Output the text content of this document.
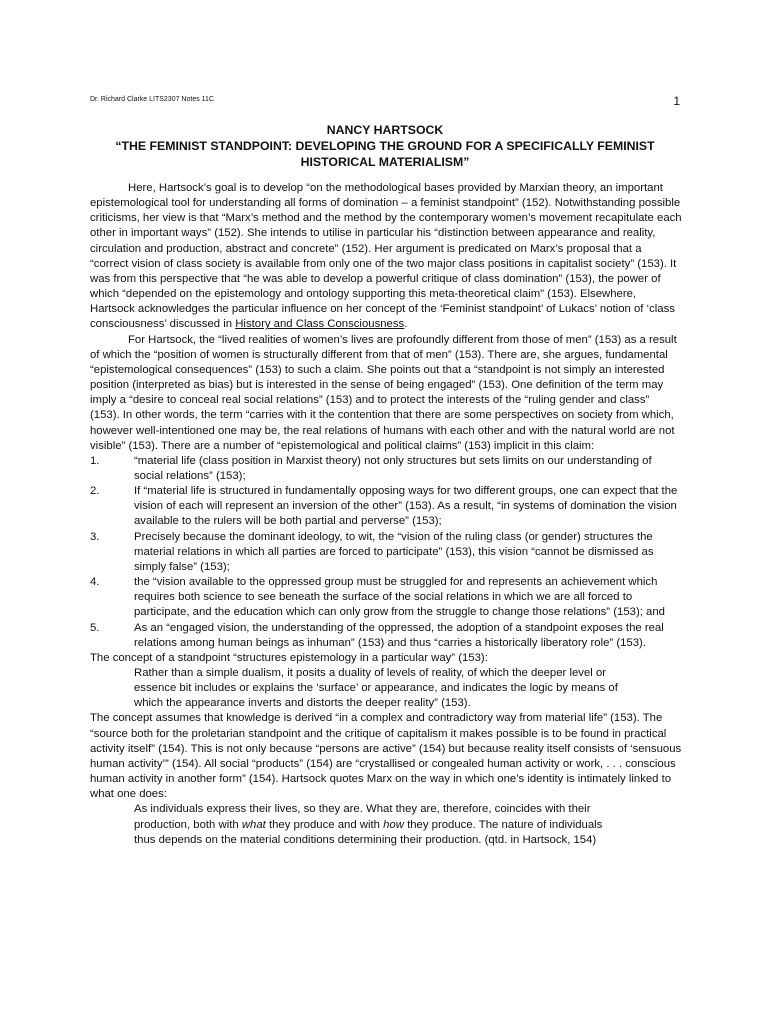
Dr. Richard Clarke LITS2307 Notes 11C	1
NANCY HARTSOCK
“THE FEMINIST STANDPOINT: DEVELOPING THE GROUND FOR A SPECIFICALLY FEMINIST
HISTORICAL MATERIALISM”

Here, Hartsock’s goal is to develop “on the methodological bases provided by Marxian theory, an important epistemological tool for understanding all forms of domination – a feminist standpoint” (152). Notwithstanding possible criticisms, her view is that “Marx’s method and the method by the contemporary women’s movement recapitulate each other in important ways” (152). She intends to utilise in particular his “distinction between appearance and reality, circulation and production, abstract and concrete” (152). Her argument is predicated on Marx’s proposal that a “correct vision of class society is available from only one of the two major class positions in capitalist society” (153). It was from this perspective that “he was able to develop a powerful critique of class domination” (153), the power of which “depended on the epistemology and ontology supporting this meta-theoretical claim” (153). Elsewhere, Hartsock acknowledges the particular influence on her concept of the ‘Feminist standpoint’ of Lukacs’ notion of ‘class consciousness’ discussed in History and Class Consciousness.

For Hartsock, the “lived realities of women’s lives are profoundly different from those of men” (153) as a result of which the “position of women is structurally different from that of men” (153). There are, she argues, fundamental “epistemological consequences” (153) to such a claim. She points out that a “standpoint is not simply an interested position (interpreted as bias) but is interested in the sense of being engaged” (153). One definition of the term may imply a “desire to conceal real social relations” (153) and to protect the interests of the “ruling gender and class” (153). In other words, the term “carries with it the contention that there are some perspectives on society from which, however well-intentioned one may be, the real relations of humans with each other and with the natural world are not visible” (153). There are a number of “epistemological and political claims” (153) implicit in this claim:

1.	“material life (class position in Marxist theory) not only structures but sets limits on our understanding of social relations” (153);
2.	If “material life is structured in fundamentally opposing ways for two different groups, one can expect that the vision of each will represent an inversion of the other” (153). As a result, “in systems of domination the vision available to the rulers will be both partial and perverse” (153);
3.	Precisely because the dominant ideology, to wit, the “vision of the ruling class (or gender) structures the material relations in which all parties are forced to participate” (153), this vision “cannot be dismissed as simply false” (153);
4.	the “vision available to the oppressed group must be struggled for and represents an achievement which requires both science to see beneath the surface of the social relations in which we are all forced to participate, and the education which can only grow from the struggle to change those relations” (153); and
5.	As an “engaged vision, the understanding of the oppressed, the adoption of a standpoint exposes the real relations among human beings as inhuman” (153) and thus “carries a historically liberatory role” (153).

The concept of a standpoint “structures epistemology in a particular way” (153):

Rather than a simple dualism, it posits a duality of levels of reality, of which the deeper level or essence bit includes or explains the ‘surface’ or appearance, and indicates the logic by means of which the appearance inverts and distorts the deeper reality” (153).

The concept assumes that knowledge is derived “in a complex and contradictory way from material life” (153). The “source both for the proletarian standpoint and the critique of capitalism it makes possible is to be found in practical activity itself” (154). This is not only because “persons are active” (154) but because reality itself consists of ‘sensuous human activity’” (154). All social “products” (154) are “crystallised or congealed human activity or work, . . . conscious human activity in another form” (154). Hartsock quotes Marx on the way in which one’s identity is intimately linked to what one does:

As individuals express their lives, so they are. What they are, therefore, coincides with their production, both with what they produce and with how they produce. The nature of individuals thus depends on the material conditions determining their production. (qtd. in Hartsock, 154)
